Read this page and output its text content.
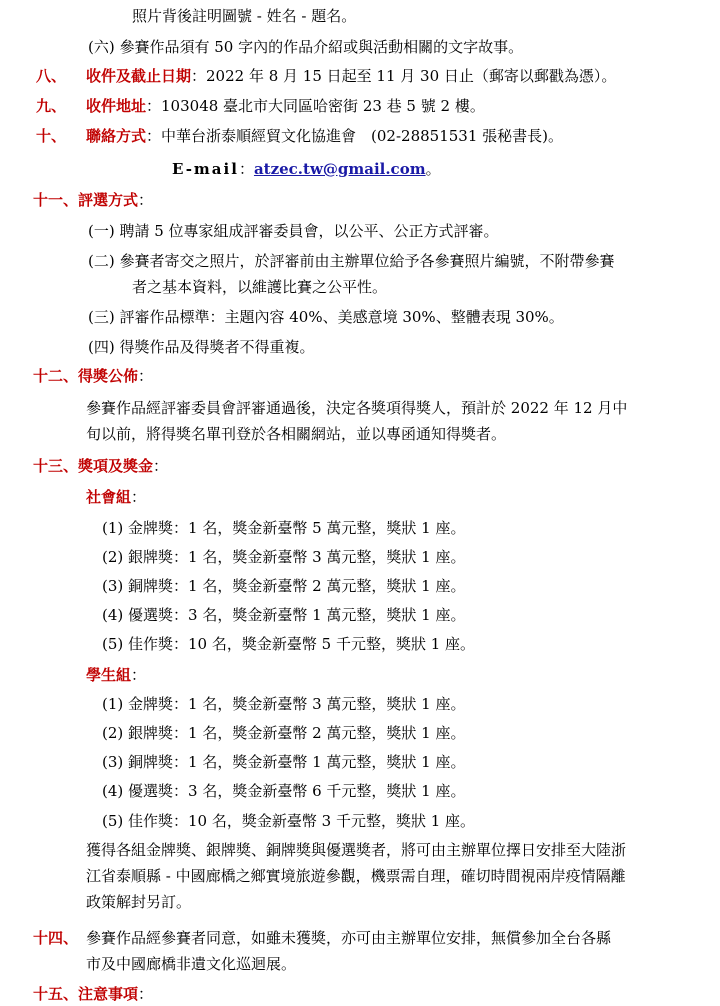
照片背後註明圖號 - 姓名 - 題名。
(六) 參賽作品須有 50 字內的作品介紹或與活動相關的文字故事。
八、 收件及截止日期：2022 年 8 月 15 日起至 11 月 30 日止（郵寄以郵戳為憑）。
九、 收件地址：103048 臺北市大同區哈密街 23 巷 5 號 2 樓。
十、 聯絡方式：中華台浙泰順經貿文化協進會　(02-28851531 張秘書長)。
E-mail：atzec.tw@gmail.com。
十一、評選方式：
(一) 聘請 5 位專家組成評審委員會，以公平、公正方式評審。
(二) 參賽者寄交之照片，於評審前由主辦單位給予各參賽照片編號，不附帶參賽
者之基本資料，以維護比賽之公平性。
(三) 評審作品標準：主題內容 40%、美感意境 30%、整體表現 30%。
(四) 得獎作品及得獎者不得重複。
十二、得獎公佈：
參賽作品經評審委員會評審通過後，決定各獎項得獎人，預計於 2022 年 12 月中
旬以前，將得獎名單刊登於各相關網站，並以專函通知得獎者。
十三、獎項及獎金：
社會組：
(1) 金牌獎：1 名，獎金新臺幣 5 萬元整，獎狀 1 座。
(2) 銀牌獎：1 名，獎金新臺幣 3 萬元整，獎狀 1 座。
(3) 銅牌獎：1 名，獎金新臺幣 2 萬元整，獎狀 1 座。
(4) 優選獎：3 名，獎金新臺幣 1 萬元整，獎狀 1 座。
(5) 佳作獎：10 名，獎金新臺幣 5 千元整，獎狀 1 座。
學生組：
(1) 金牌獎：1 名，獎金新臺幣 3 萬元整，獎狀 1 座。
(2) 銀牌獎：1 名，獎金新臺幣 2 萬元整，獎狀 1 座。
(3) 銅牌獎：1 名，獎金新臺幣 1 萬元整，獎狀 1 座。
(4) 優選獎：3 名，獎金新臺幣 6 千元整，獎狀 1 座。
(5) 佳作獎：10 名，獎金新臺幣 3 千元整，獎狀 1 座。
獲得各組金牌獎、銀牌獎、銅牌獎與優選獎者，將可由主辦單位擇日安排至大陸浙
江省泰順縣 - 中國廊橋之鄉實境旅遊參觀，機票需自理，確切時間視兩岸疫情隔離
政策解封另訂。
十四、 參賽作品經參賽者同意，如雖未獲獎，亦可由主辦單位安排，無償參加全台各縣
市及中國廊橋非遺文化巡迴展。
十五、注意事項：
